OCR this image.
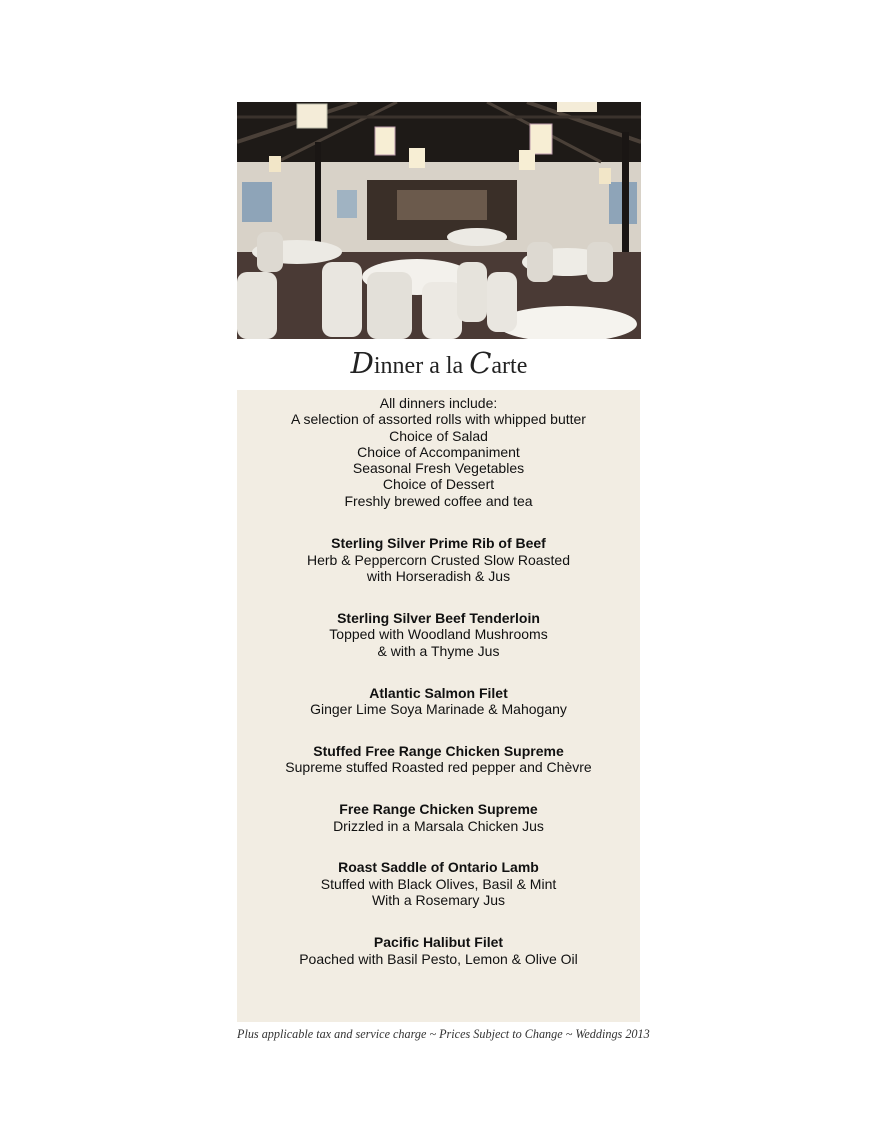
Dinner a la Carte
All dinners include:
A selection of assorted rolls with whipped butter
Choice of Salad
Choice of Accompaniment
Seasonal Fresh Vegetables
Choice of Dessert
Freshly brewed coffee and tea
Sterling Silver Prime Rib of Beef
Herb & Peppercorn Crusted Slow Roasted
with Horseradish & Jus
Sterling Silver Beef Tenderloin
Topped with Woodland Mushrooms
& with a Thyme Jus
Atlantic Salmon Filet
Ginger Lime Soya Marinade & Mahogany
Stuffed Free Range Chicken Supreme
Supreme stuffed Roasted red pepper and Chèvre
Free Range Chicken Supreme
Drizzled in a Marsala Chicken Jus
Roast Saddle of Ontario Lamb
Stuffed with Black Olives, Basil & Mint
With a Rosemary Jus
Pacific Halibut Filet
Poached with Basil Pesto, Lemon & Olive Oil
Plus applicable tax and service charge ~ Prices Subject to Change ~ Weddings 2013
